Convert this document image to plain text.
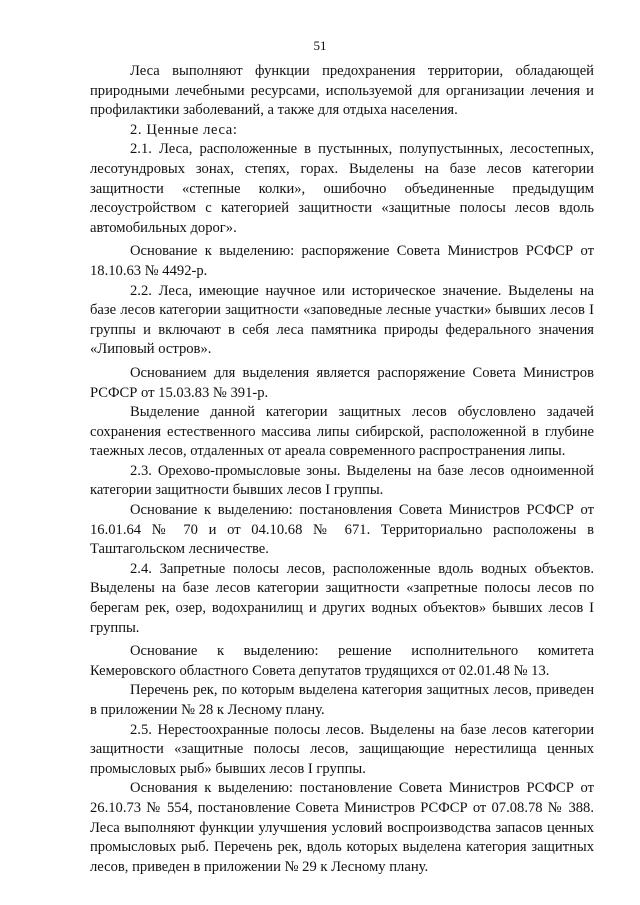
51

Леса выполняют функции предохранения территории, обладающей природными лечебными ресурсами, используемой для организации лечения и профилактики заболеваний, а также для отдыха населения.

2. Ценные леса:

2.1. Леса, расположенные в пустынных, полупустынных, лесостепных, лесотундровых зонах, степях, горах. Выделены на базе лесов категории защитности «степные колки», ошибочно объединенные предыдущим лесоустройством с категорией защитности «защитные полосы лесов вдоль автомобильных дорог».

Основание к выделению: распоряжение Совета Министров РСФСР от 18.10.63 № 4492-р.

2.2. Леса, имеющие научное или историческое значение. Выделены на базе лесов категории защитности «заповедные лесные участки» бывших лесов I группы и включают в себя леса памятника природы федерального значения «Липовый остров».

Основанием для выделения является распоряжение Совета Министров РСФСР от 15.03.83 № 391-р.

Выделение данной категории защитных лесов обусловлено задачей сохранения естественного массива липы сибирской, расположенной в глубине таежных лесов, отдаленных от ареала современного распространения липы.

2.3. Орехово-промысловые зоны. Выделены на базе лесов одноименной категории защитности бывших лесов I группы.

Основание к выделению: постановления Совета Министров РСФСР от 16.01.64 № 70 и от 04.10.68 № 671. Территориально расположены в Таштагольском лесничестве.

2.4. Запретные полосы лесов, расположенные вдоль водных объектов. Выделены на базе лесов категории защитности «запретные полосы лесов по берегам рек, озер, водохранилищ и других водных объектов» бывших лесов I группы.

Основание к выделению: решение исполнительного комитета Кемеровского областного Совета депутатов трудящихся от 02.01.48 № 13.

Перечень рек, по которым выделена категория защитных лесов, приведен в приложении № 28 к Лесному плану.

2.5. Нерестоохранные полосы лесов. Выделены на базе лесов категории защитности «защитные полосы лесов, защищающие нерестилища ценных промысловых рыб» бывших лесов I группы.

Основания к выделению: постановление Совета Министров РСФСР от 26.10.73 № 554, постановление Совета Министров РСФСР от 07.08.78 № 388. Леса выполняют функции улучшения условий воспроизводства запасов ценных промысловых рыб. Перечень рек, вдоль которых выделена категория защитных лесов, приведен в приложении № 29 к Лесному плану.
